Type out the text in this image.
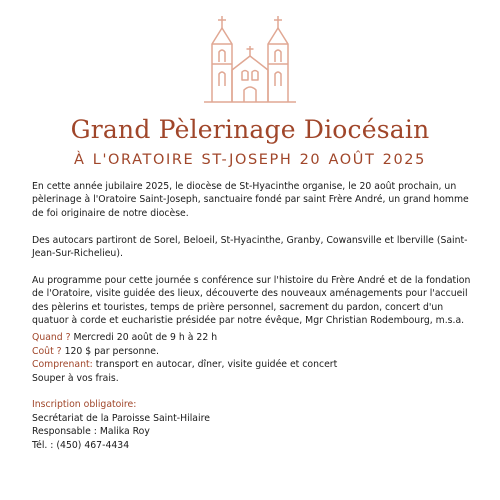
Grand Pèlerinage Diocésain
À L'ORATOIRE ST-JOSEPH 20 AOÛT 2025

En cette année jubilaire 2025, le diocèse de St-Hyacinthe organise, le 20 août prochain, un pèlerinage à l'Oratoire Saint-Joseph, sanctuaire fondé par saint Frère André, un grand homme de foi originaire de notre diocèse.

Des autocars partiront de Sorel, Beloeil, St-Hyacinthe, Granby, Cowansville et lberville (Saint-Jean-Sur-Richelieu).

Au programme pour cette journée s conférence sur l'histoire du Frère André et de la fondation de l'Oratoire, visite guidée des lieux, découverte des nouveaux aménagements pour l'accueil des pèlerins et touristes, temps de prière personnel, sacrement du pardon, concert d'un quatuor à corde et eucharistie présidée par notre évêque, Mgr Christian Rodembourg, m.s.a.

Quand ? Mercredi 20 août de 9 h à 22 h

Coût ? 120 $ par personne.

Comprenant: transport en autocar, dîner, visite guidée et concert

Souper à vos frais.

Inscription obligatoire:

Secrétariat de la Paroisse Saint-Hilaire

Responsable : Malika Roy

Tél. : (450) 467-4434
